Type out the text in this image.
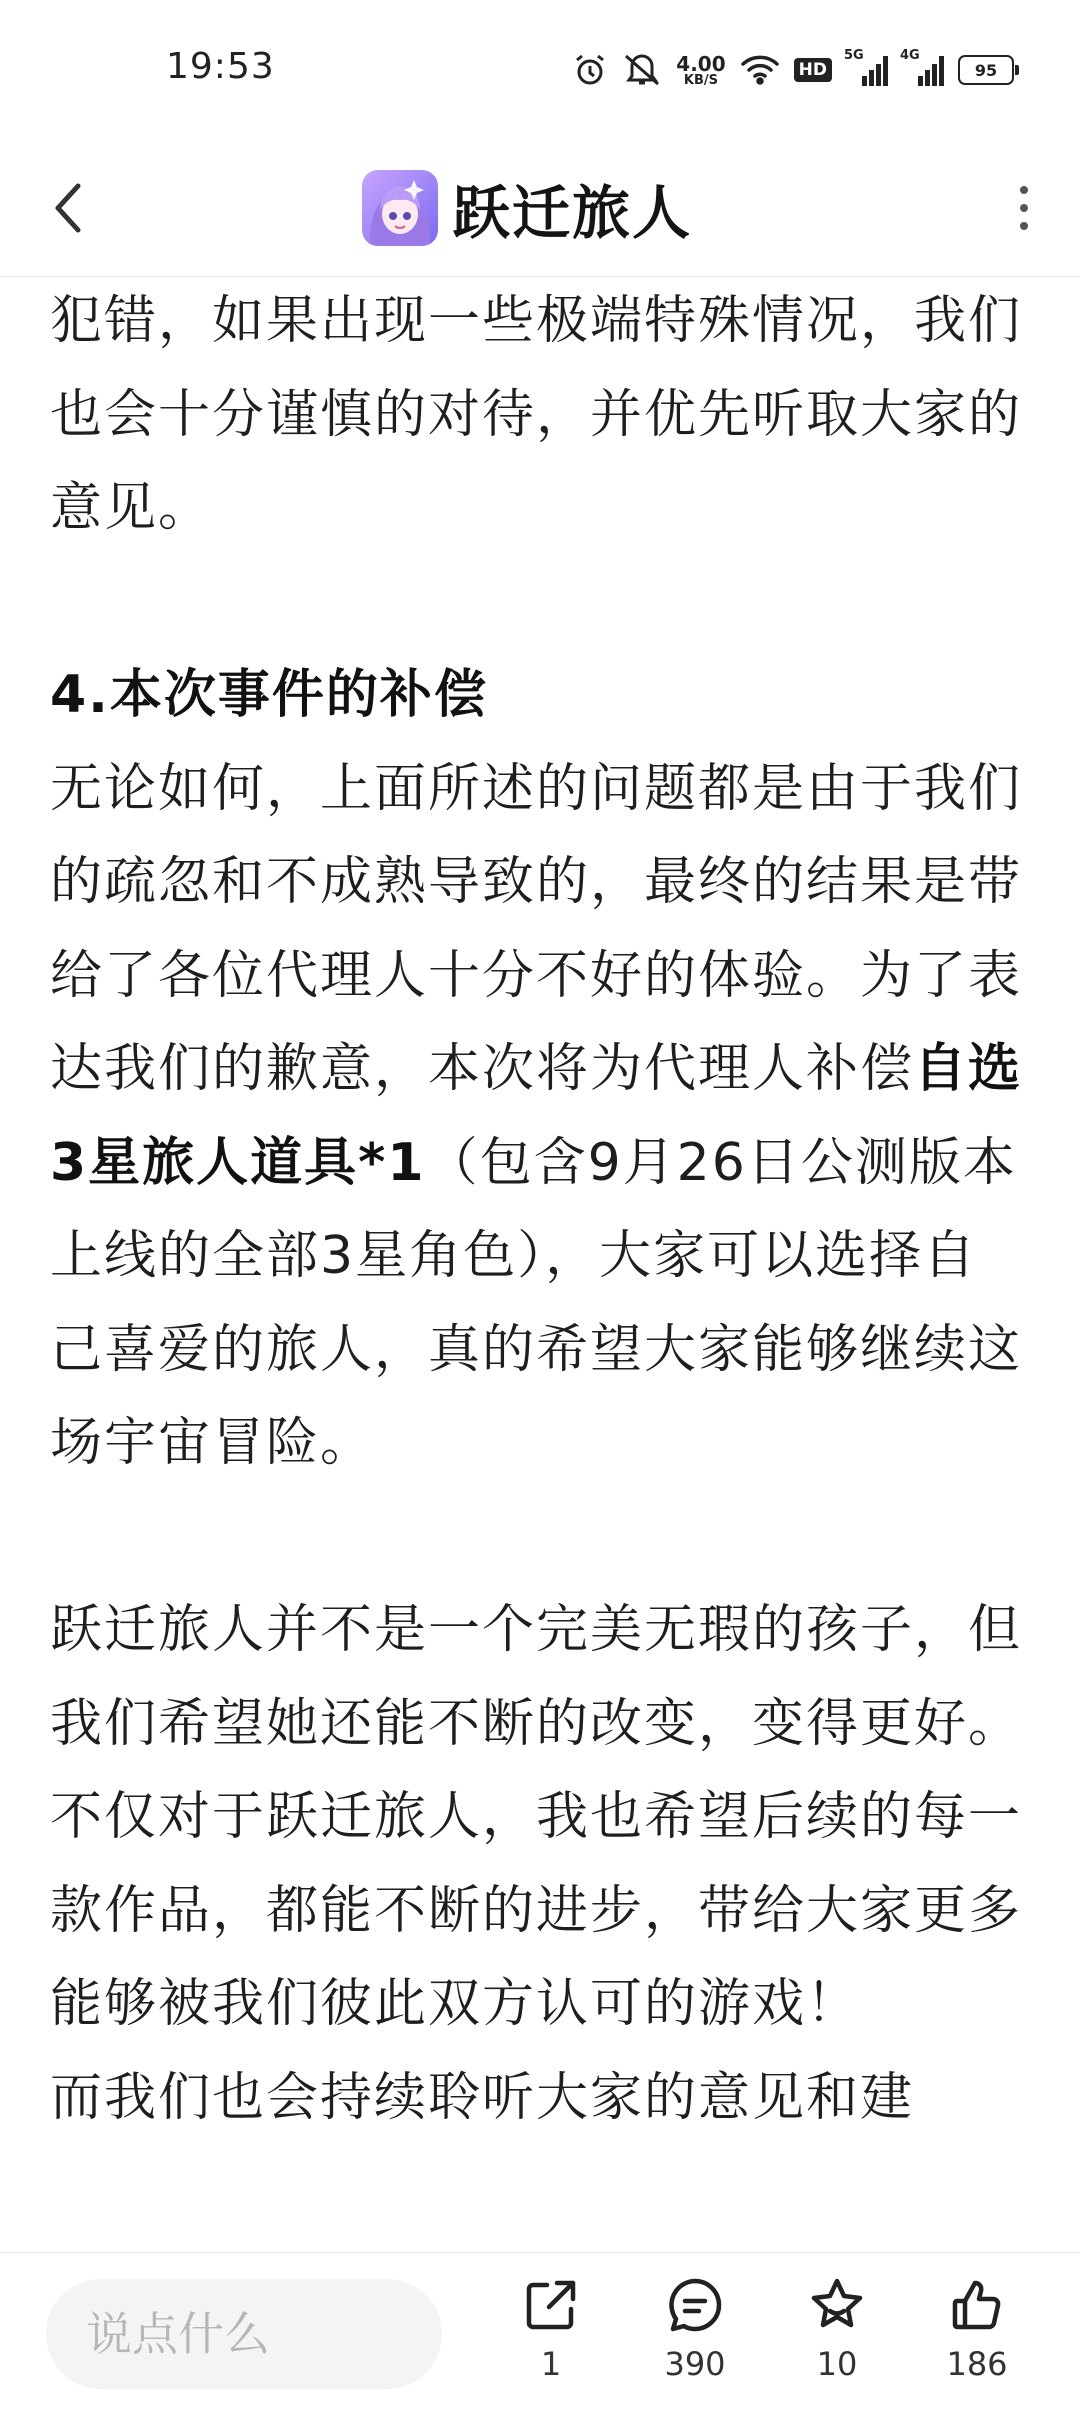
19:53	4.00
KB/S	HD
5G	4G
95
跃迁旅人

犯错，如果出现一些极端特殊情况，我们也会十分谨慎的对待，并优先听取大家的意见。

4.本次事件的补偿

无论如何，上面所述的问题都是由于我们的疏忽和不成熟导致的，最终的结果是带给了各位代理人十分不好的体验。为了表达我们的歉意，本次将为代理人补偿自选3星旅人道具*1（包含9月26日公测版本上线的全部3星角色），大家可以选择自己喜爱的旅人，真的希望大家能够继续这场宇宙冒险。

跃迁旅人并不是一个完美无瑕的孩子，但我们希望她还能不断的改变，变得更好。不仅对于跃迁旅人，我也希望后续的每一款作品，都能不断的进步，带给大家更多能够被我们彼此双方认可的游戏！

而我们也会持续聆听大家的意见和建

说点什么
1	390	10	186
